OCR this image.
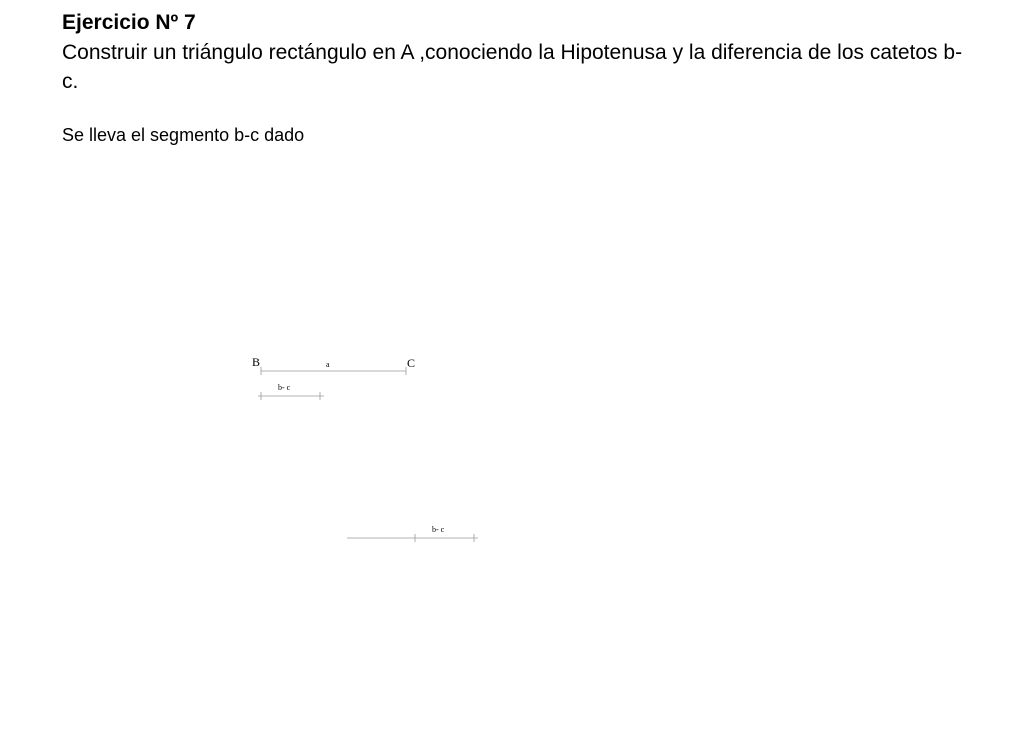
Ejercicio Nº 7

Construir un triángulo rectángulo en A ,conociendo la Hipotenusa y la diferencia de los catetos b-c.

Se lleva el segmento b-c dado

B	C
a
b- c
b- c
